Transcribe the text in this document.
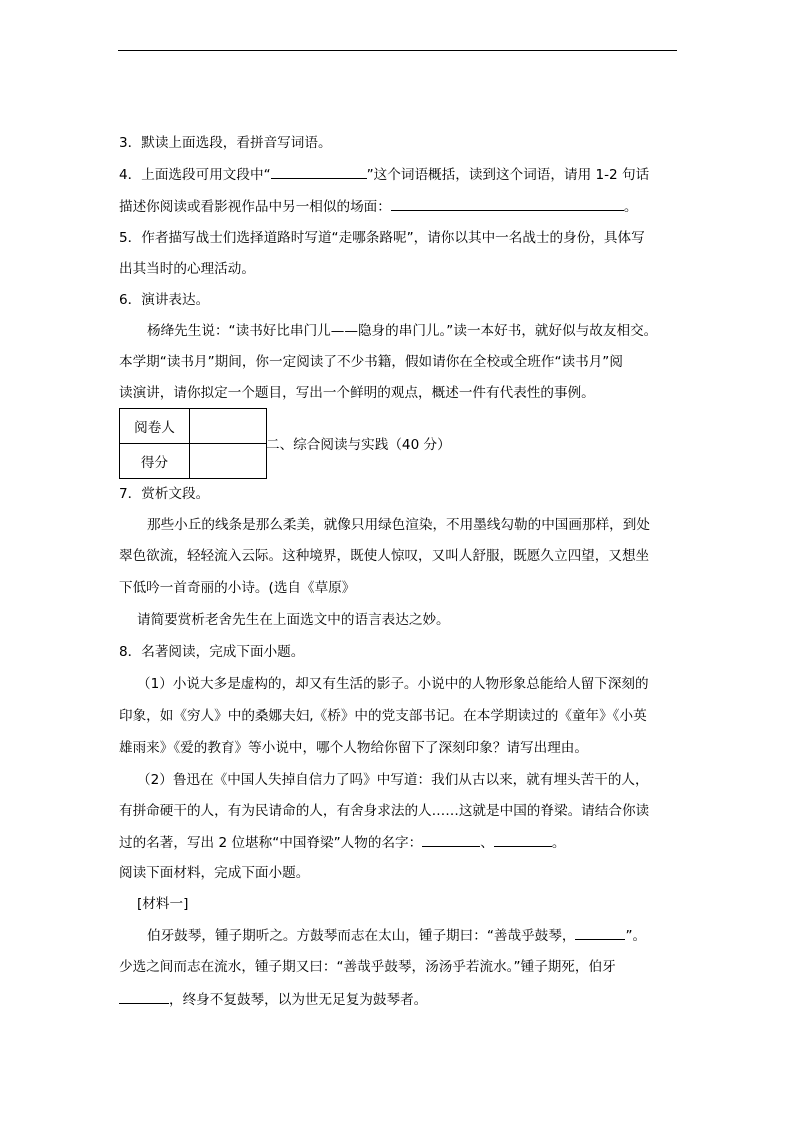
3．默读上面选段，看拼音写词语。
4．上面选段可用文段中“	”这个词语概括，读到这个词语，请用 1-2 句话
描述你阅读或看影视作品中另一相似的场面：	。
5．作者描写战士们选择道路时写道“走哪条路呢”，请你以其中一名战士的身份，具体写
出其当时的心理活动。
6．演讲表达。
杨绛先生说：“读书好比串门儿——隐身的串门儿。”读一本好书，就好似与故友相交。
本学期“读书月”期间，你一定阅读了不少书籍，假如请你在全校或全班作“读书月”阅
读演讲，请你拟定一个题目，写出一个鲜明的观点，概述一件有代表性的事例。
阅卷人	
得分	
二、综合阅读与实践（40 分）
7．赏析文段。
那些小丘的线条是那么柔美，就像只用绿色渲染，不用墨线勾勒的中国画那样，到处
翠色欲流，轻轻流入云际。这种境界，既使人惊叹，又叫人舒服，既愿久立四望，又想坐
下低吟一首奇丽的小诗。(选自《草原》
请简要赏析老舍先生在上面选文中的语言表达之妙。
8．名著阅读，完成下面小题。
（1）小说大多是虚构的，却又有生活的影子。小说中的人物形象总能给人留下深刻的
印象，如《穷人》中的桑娜夫妇,《桥》中的党支部书记。在本学期读过的《童年》《小英
雄雨来》《爱的教育》等小说中，哪个人物给你留下了深刻印象？请写出理由。
（2）鲁迅在《中国人失掉自信力了吗》中写道：我们从古以来，就有埋头苦干的人，
有拼命硬干的人，有为民请命的人，有舍身求法的人……这就是中国的脊梁。请结合你读
过的名著，写出 2 位堪称“中国脊梁”人物的名字：	、	。
阅读下面材料，完成下面小题。
[材料一]
伯牙鼓琴，锺子期听之。方鼓琴而志在太山，锺子期曰：“善哉乎鼓琴，	”。
少选之间而志在流水，锺子期又曰：“善哉乎鼓琴，汤汤乎若流水。”锺子期死，伯牙
，终身不复鼓琴，以为世无足复为鼓琴者。
